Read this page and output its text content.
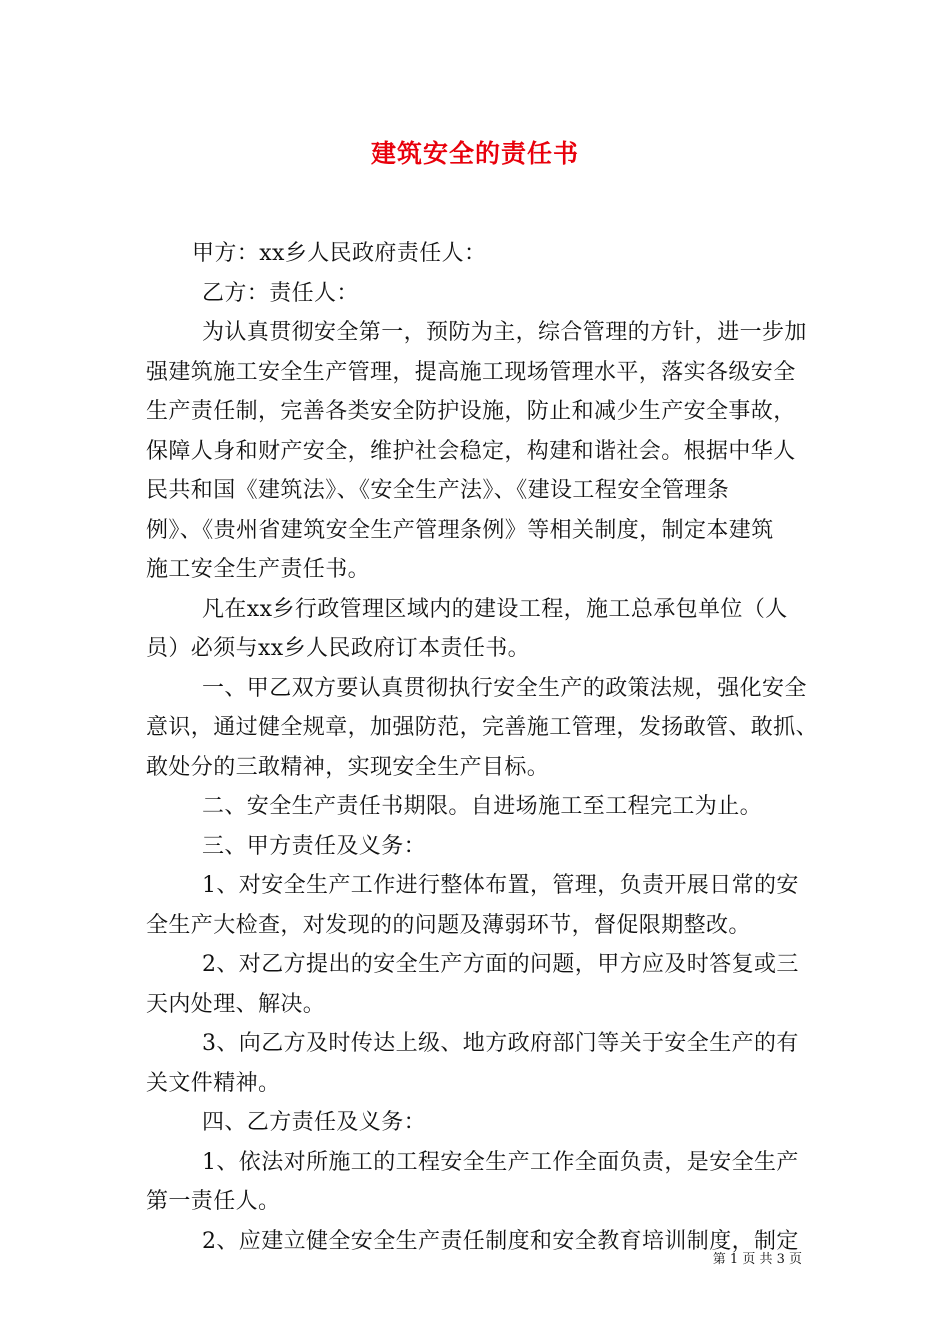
建筑安全的责任书
甲方：xx乡人民政府责任人：
乙方：责任人：
为认真贯彻安全第一，预防为主，综合管理的方针，进一步加
强建筑施工安全生产管理，提高施工现场管理水平，落实各级安全
生产责任制，完善各类安全防护设施，防止和减少生产安全事故，
保障人身和财产安全，维护社会稳定，构建和谐社会。根据中华人
民共和国《建筑法》、《安全生产法》、《建设工程安全管理条
例》、《贵州省建筑安全生产管理条例》等相关制度，制定本建筑
施工安全生产责任书。
凡在xx乡行政管理区域内的建设工程，施工总承包单位（人
员）必须与xx乡人民政府订本责任书。
一、甲乙双方要认真贯彻执行安全生产的政策法规，强化安全
意识，通过健全规章，加强防范，完善施工管理，发扬敢管、敢抓、
敢处分的三敢精神，实现安全生产目标。
二、安全生产责任书期限。自进场施工至工程完工为止。
三、甲方责任及义务：
1、对安全生产工作进行整体布置，管理，负责开展日常的安
全生产大检查，对发现的的问题及薄弱环节，督促限期整改。
2、对乙方提出的安全生产方面的问题，甲方应及时答复或三
天内处理、解决。
3、向乙方及时传达上级、地方政府部门等关于安全生产的有
关文件精神。
四、乙方责任及义务：
1、依法对所施工的工程安全生产工作全面负责，是安全生产
第一责任人。
2、应建立健全安全生产责任制度和安全教育培训制度，制定
第 1 页 共 3 页
